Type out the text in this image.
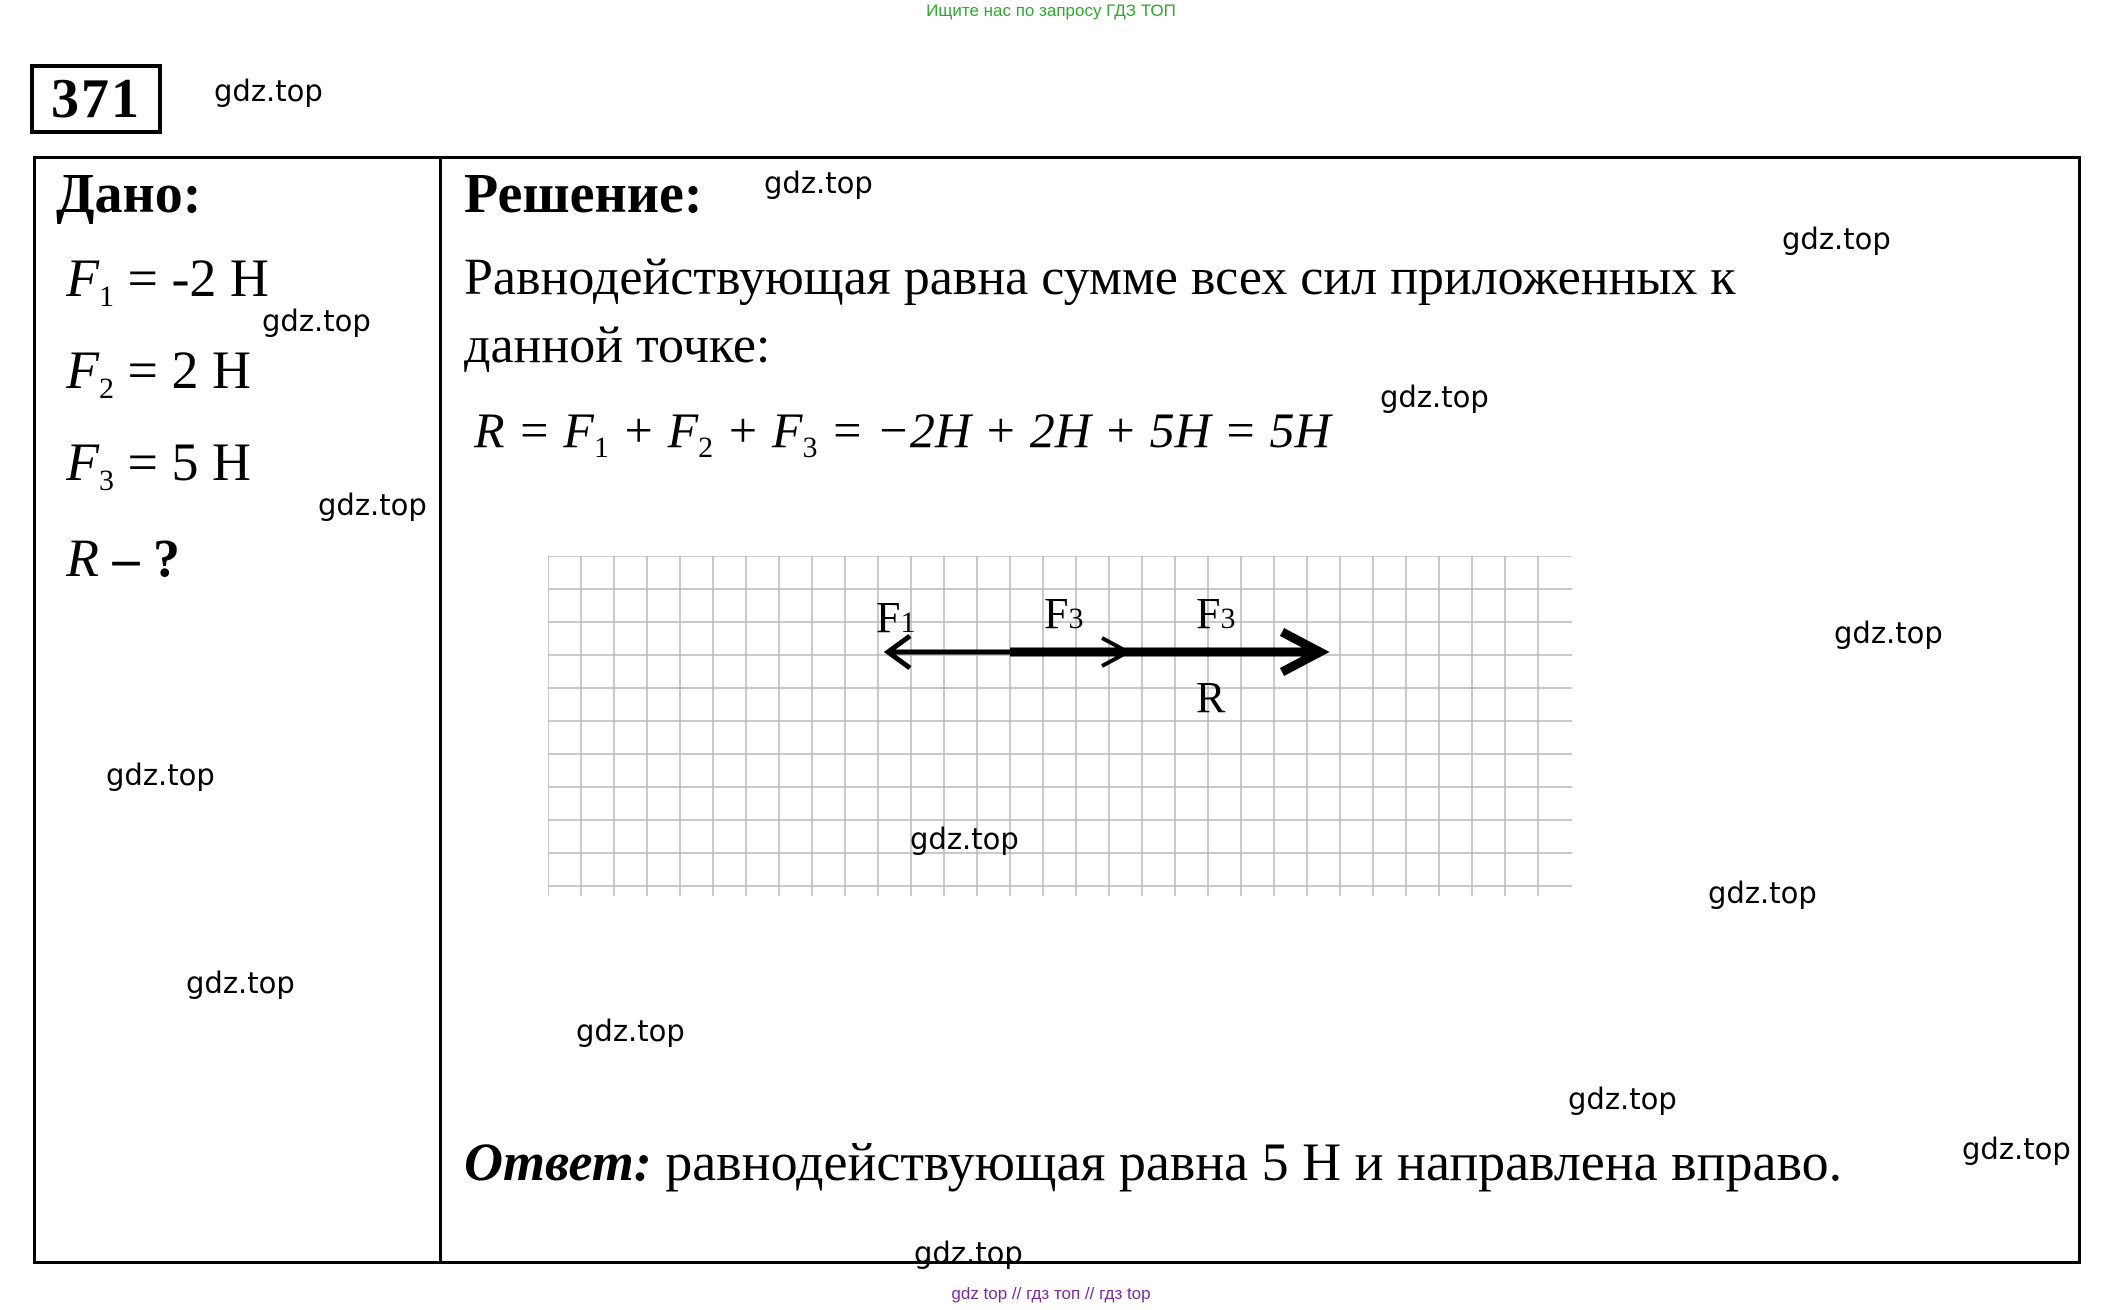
Ищите нас по запросу ГДЗ ТОП
371
Дано:
$F_1 = -2$ Н
$F_2 = 2$ Н
$F_3 = 5$ Н
R – ?
Решение:
Равнодействующая равна сумме всех сил приложенных к
данной точке:
$R = F_1 + F_2 + F_3 = -2H + 2H + 5H = 5H$
F1	F3	F3
R
Ответ: равнодействующая равна 5 Н и направлена вправо.
gdz.top
gdz.top
gdz.top
gdz.top
gdz.top
gdz.top
gdz.top
gdz.top
gdz.top
gdz.top
gdz.top
gdz.top
gdz.top
gdz.top
gdz.top
gdz top // гдз топ // гдз top
